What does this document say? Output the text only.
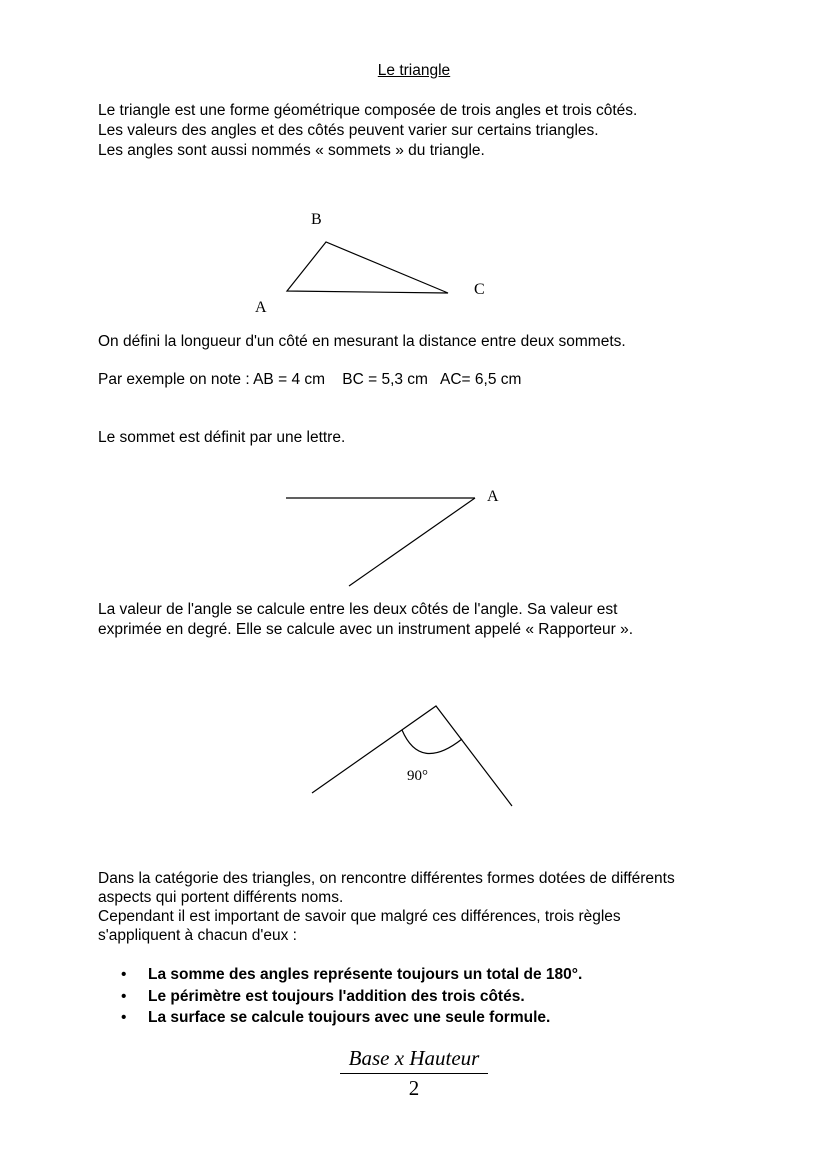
Le triangle

Le triangle est une forme géométrique composée de trois angles et trois côtés.

Les valeurs des angles et des côtés peuvent varier sur certains triangles.

Les angles sont aussi nommés « sommets » du triangle.

B
C
A

On défini la longueur d'un côté en mesurant la distance entre deux sommets.

Par exemple on note : AB = 4 cm    BC = 5,3 cm   AC= 6,5 cm

Le sommet est définit par une lettre.

A

La valeur de l'angle se calcule entre les deux côtés de l'angle. Sa valeur est

exprimée en degré. Elle se calcule avec un instrument appelé « Rapporteur ».

90°

Dans la catégorie des triangles, on rencontre différentes formes dotées de différents

aspects qui portent différents noms.

Cependant il est important de savoir que malgré ces différences, trois règles

s'appliquent à chacun d'eux :

• La somme des angles représente toujours un total de 180°.
• Le périmètre est toujours l'addition des trois côtés.
• La surface se calcule toujours avec une seule formule.
Base x Hauteur
2
